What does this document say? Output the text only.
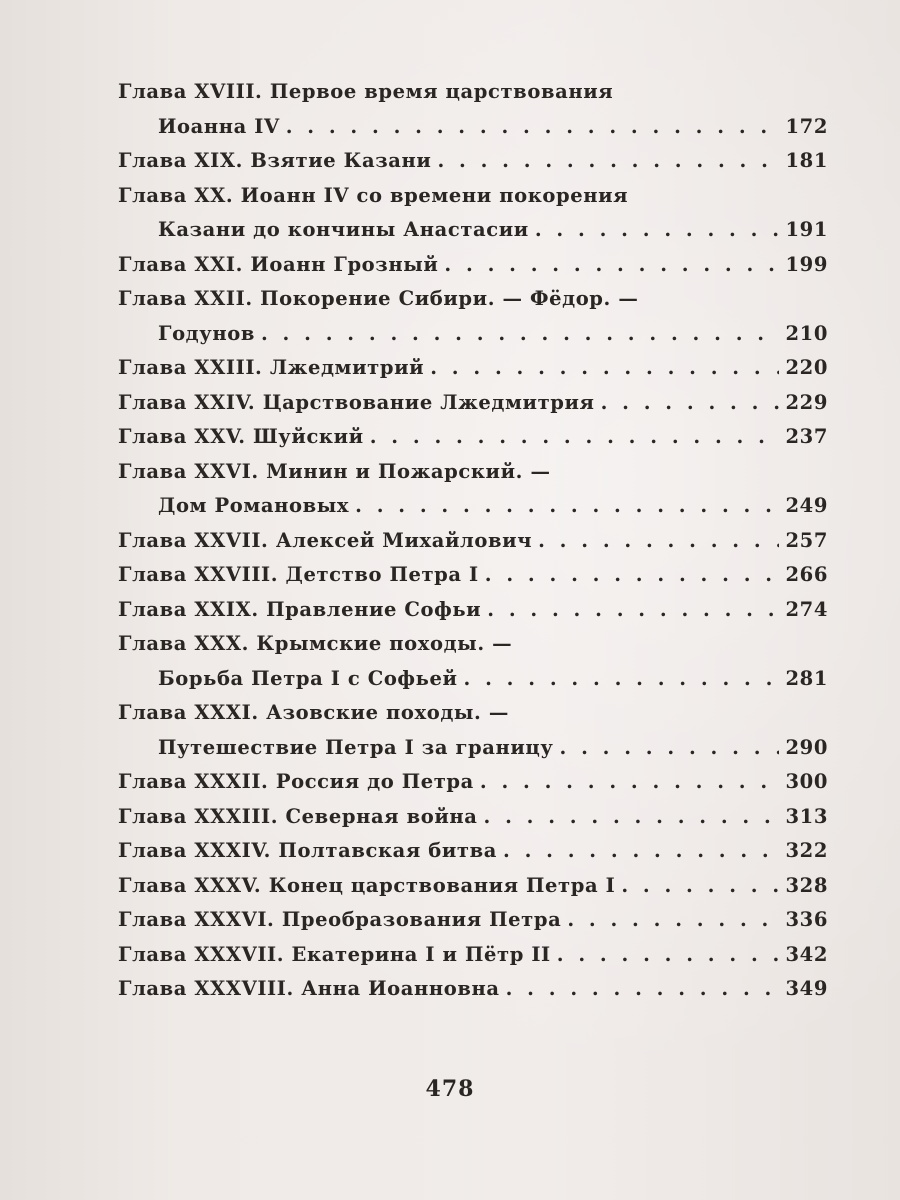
Глава XVIII. Первое время царствования
Иоанна IV . . .	172
Глава XIX. Взятие Казани . . .	181
Глава XX. Иоанн IV со времени покорения
Казани до кончины Анастасии . . .	191
Глава XXI. Иоанн Грозный . . .	199
Глава XXII. Покорение Сибири. — Фёдор. —
Годунов . . .	210
Глава XXIII. Лжедмитрий . . .	220
Глава XXIV. Царствование Лжедмитрия . . .	229
Глава XXV. Шуйский . . .	237
Глава XXVI. Минин и Пожарский. —
Дом Романовых . . .	249
Глава XXVII. Алексей Михайлович . . .	257
Глава XXVIII. Детство Петра I . . .	266
Глава XXIX. Правление Софьи . . .	274
Глава XXX. Крымские походы. —
Борьба Петра I с Софьей . . .	281
Глава XXXI. Азовские походы. —
Путешествие Петра I за границу . . .	290
Глава XXXII. Россия до Петра . . .	300
Глава XXXIII. Северная война . . .	313
Глава XXXIV. Полтавская битва . . .	322
Глава XXXV. Конец царствования Петра I . . .	328
Глава XXXVI. Преобразования Петра . . .	336
Глава XXXVII. Екатерина I и Пётр II . . .	342
Глава XXXVIII. Анна Иоанновна . . .	349
478
